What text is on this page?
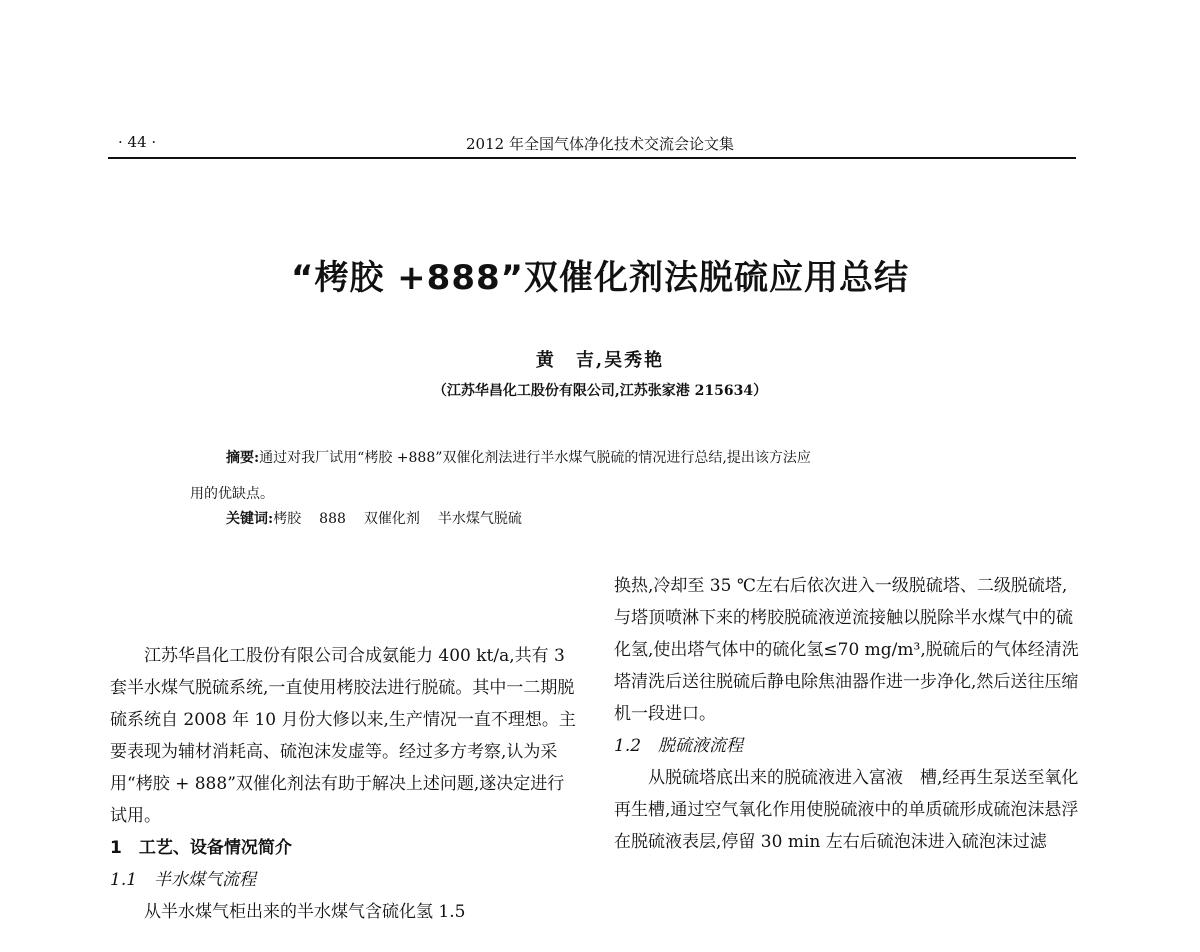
· 44 ·	2012 年全国气体净化技术交流会论文集
“栲胶 +888”双催化剂法脱硫应用总结
黄　吉,吴秀艳
（江苏华昌化工股份有限公司,江苏张家港 215634）
摘要:通过对我厂试用“栲胶 +888”双催化剂法进行半水煤气脱硫的情况进行总结,提出该方法应
用的优缺点。
关键词:栲胶 888 双催化剂 半水煤气脱硫

江苏华昌化工股份有限公司合成氨能力 400 kt/a,共有 3 套半水煤气脱硫系统,一直使用栲胶法进行脱硫。其中一二期脱硫系统自 2008 年 10 月份大修以来,生产情况一直不理想。主要表现为辅材消耗高、硫泡沫发虚等。经过多方考察,认为采用“栲胶 + 888”双催化剂法有助于解决上述问题,遂决定进行试用。

1　工艺、设备情况简介

1.1　半水煤气流程

从半水煤气柜出来的半水煤气含硫化氢 1.5

换热,冷却至 35 ℃左右后依次进入一级脱硫塔、二级脱硫塔,与塔顶喷淋下来的栲胶脱硫液逆流接触以脱除半水煤气中的硫化氢,使出塔气体中的硫化氢≤70 mg/m³,脱硫后的气体经清洗塔清洗后送往脱硫后静电除焦油器作进一步净化,然后送往压缩机一段进口。

1.2　脱硫液流程

从脱硫塔底出来的脱硫液进入富液　槽,经再生泵送至氧化再生槽,通过空气氧化作用使脱硫液中的单质硫形成硫泡沫悬浮在脱硫液表层,停留 30 min 左右后硫泡沫进入硫泡沫过滤
